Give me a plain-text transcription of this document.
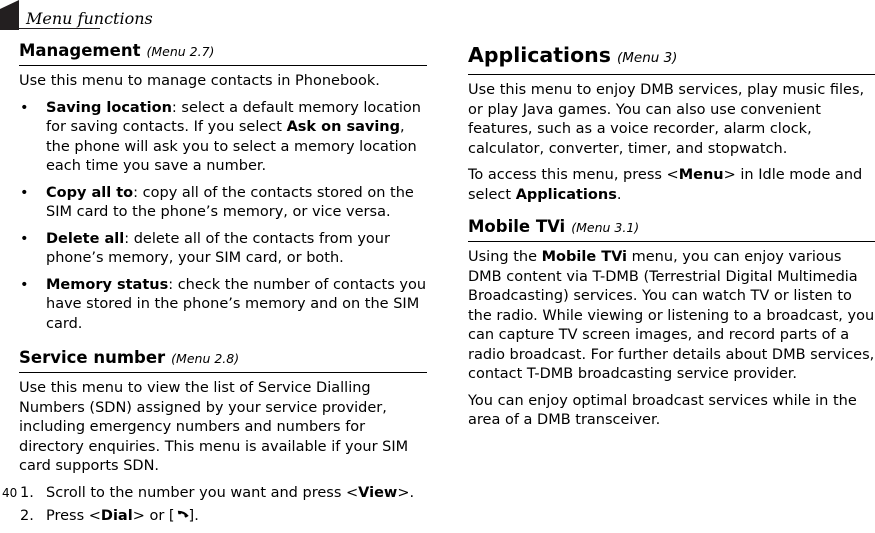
Menu functions
40
Management (Menu 2.7)

Use this menu to manage contacts in Phonebook.

• Saving location: select a default memory location for saving contacts. If you select Ask on saving, the phone will ask you to select a memory location each time you save a number.
• Copy all to: copy all of the contacts stored on the SIM card to the phone’s memory, or vice versa.
• Delete all: delete all of the contacts from your phone’s memory, your SIM card, or both.
• Memory status: check the number of contacts you have stored in the phone’s memory and on the SIM card.
Service number (Menu 2.8)

Use this menu to view the list of Service Dialling Numbers (SDN) assigned by your service provider, including emergency numbers and numbers for directory enquiries. This menu is available if your SIM card supports SDN.

1. Scroll to the number you want and press <View>.
2. Press <Dial> or [ ].
Applications (Menu 3)

Use this menu to enjoy DMB services, play music files, or play Java games. You can also use convenient features, such as a voice recorder, alarm clock, calculator, converter, timer, and stopwatch.

To access this menu, press <Menu> in Idle mode and select Applications.

Mobile TVi (Menu 3.1)

Using the Mobile TVi menu, you can enjoy various DMB content via T-DMB (Terrestrial Digital Multimedia Broadcasting) services. You can watch TV or listen to the radio. While viewing or listening to a broadcast, you can capture TV screen images, and record parts of a radio broadcast. For further details about DMB services, contact T-DMB broadcasting service provider.

You can enjoy optimal broadcast services while in the area of a DMB transceiver.
